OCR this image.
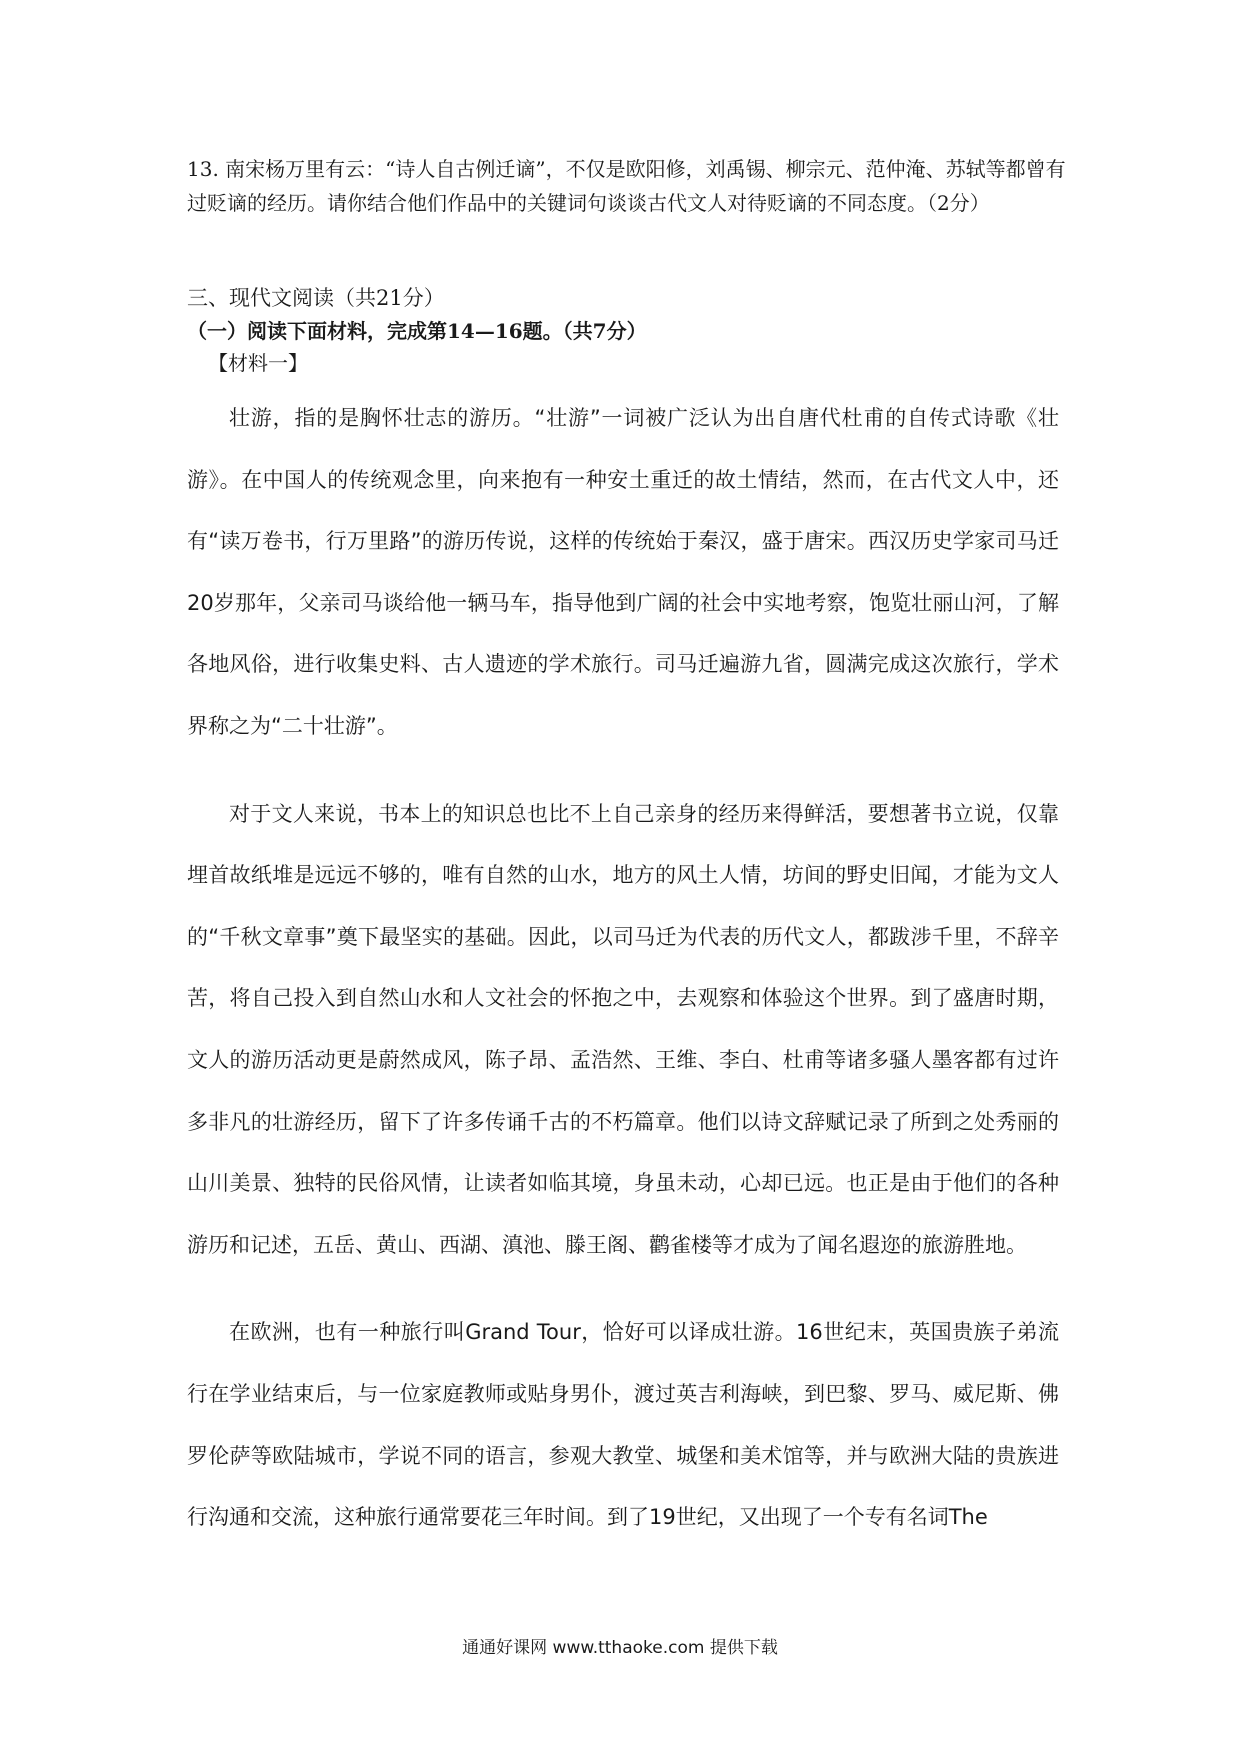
13. 南宋杨万里有云：“诗人自古例迁谪”，不仅是欧阳修，刘禹锡、柳宗元、范仲淹、苏轼等都曾有过贬谪的经历。请你结合他们作品中的关键词句谈谈古代文人对待贬谪的不同态度。（2分）
三、现代文阅读（共21分）
（一）阅读下面材料，完成第14—16题。（共7分）
【材料一】

壮游，指的是胸怀壮志的游历。“壮游”一词被广泛认为出自唐代杜甫的自传式诗歌《壮游》。在中国人的传统观念里，向来抱有一种安土重迁的故土情结，然而，在古代文人中，还有“读万卷书，行万里路”的游历传说，这样的传统始于秦汉，盛于唐宋。西汉历史学家司马迁20岁那年，父亲司马谈给他一辆马车，指导他到广阔的社会中实地考察，饱览壮丽山河，了解各地风俗，进行收集史料、古人遗迹的学术旅行。司马迁遍游九省，圆满完成这次旅行，学术界称之为“二十壮游”。

对于文人来说，书本上的知识总也比不上自己亲身的经历来得鲜活，要想著书立说，仅靠埋首故纸堆是远远不够的，唯有自然的山水，地方的风土人情，坊间的野史旧闻，才能为文人的“千秋文章事”奠下最坚实的基础。因此，以司马迁为代表的历代文人，都跋涉千里，不辞辛苦，将自己投入到自然山水和人文社会的怀抱之中，去观察和体验这个世界。到了盛唐时期，文人的游历活动更是蔚然成风，陈子昂、孟浩然、王维、李白、杜甫等诸多骚人墨客都有过许多非凡的壮游经历，留下了许多传诵千古的不朽篇章。他们以诗文辞赋记录了所到之处秀丽的山川美景、独特的民俗风情，让读者如临其境，身虽未动，心却已远。也正是由于他们的各种游历和记述，五岳、黄山、西湖、滇池、滕王阁、鹳雀楼等才成为了闻名遐迩的旅游胜地。

在欧洲，也有一种旅行叫Grand Tour，恰好可以译成壮游。16世纪末，英国贵族子弟流行在学业结束后，与一位家庭教师或贴身男仆，渡过英吉利海峡，到巴黎、罗马、威尼斯、佛罗伦萨等欧陆城市，学说不同的语言，参观大教堂、城堡和美术馆等，并与欧洲大陆的贵族进行沟通和交流，这种旅行通常要花三年时间。到了19世纪，又出现了一个专有名词The

通通好课网 www.tthaoke.com 提供下载
